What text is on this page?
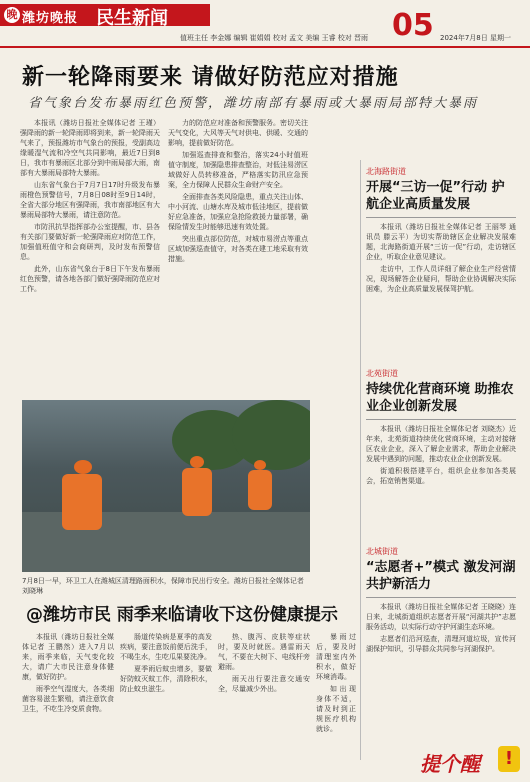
晚 潍坊晚报 民生新闻
值班主任 李金娜 编辑 崔娟娟 校对 孟文 美编 王睿 校对 晋雨 05 2024年7月8日 星期一
新一轮降雨要来 请做好防范应对措施
省气象台发布暴雨红色预警，潍坊南部有暴雨或大暴雨局部特大暴雨

本报讯（潍坊日报社全媒体记者 王瑾）强降雨的新一轮降雨即将到来，新一轮降雨天气来了，预报潍坊市气象台的预报，受副高边缘暖湿气流和冷空气共同影响，最近7日到8日，我市有暴雨区北部分到中雨局部大雨，南部有大暴雨局部特大暴雨。

山东省气象台于7月7日17时升级发布暴雨橙色预警信号，7月8日08时至9日14时，全省大部分地区有强降雨，我市南部地区有大暴雨局部特大暴雨，请注意防范。

市防汛抗旱指挥部办公室提醒，市、县各有关部门要做好新一轮强降雨应对防范工作，加强值班值守和会商研判，及时发布预警信息。

此外，山东省气象台于8日下午发布暴雨红色预警，请各地各部门做好强降雨防范应对工作。

力的防范应对准备和预警服务。密切关注天气变化，大风等天气对供电、供暖、交通的影响，提前做好防范。

加强巡查排查和整治，落实24小时值班值守制度，加强隐患排查整治，对低洼易涝区域做好人员转移准备，严格落实防汛应急预案，全力保障人民群众生命财产安全。

全面排查各类风险隐患，重点关注山体、中小河流、山塘水库及城市低洼地区，提前做好应急准备，加强应急抢险救援力量部署，确保险情发生时能够迅速有效处置。

突出重点部位防范，对城市易涝点等重点区域加强巡查值守，对各类在建工地采取有效措施。

7月8日一早，环卫工人在潍城区清理路面积水，保障市民出行安全。潍坊日报社全媒体记者 刘晓琳
@潍坊市民 雨季来临请收下这份健康提示

本报讯（潍坊日报社全媒体记者 王鹏然）进入7月以来，雨季来临，天气变化较大，请广大市民注意身体健康，做好防护。

雨季空气湿度大，各类细菌容易滋生繁殖，请注意饮食卫生，不吃生冷变质食物。

肠道传染病是夏季的高发疾病，要注意饭前便后洗手，不喝生水，生吃瓜果要洗净。

夏季雨后蚊虫增多，要做好防蚊灭蚊工作，清除积水，防止蚊虫滋生。

热、腹泻、皮肤等症状时，要及时就医。遇雷雨天气，不要在大树下、电线杆旁避雨。

雨天出行要注意交通安全，尽量减少外出。

暴雨过后，要及时清理室内外积水，做好环境消毒。

如出现身体不适，请及时到正规医疗机构就诊。

北海路街道
开展“三访一促”行动 护航企业高质量发展

本报讯（潍坊日报社全媒体记者 王丽琴 通讯员 滕云平）为切实帮助辖区企业解决发展难题，北海路街道开展“三访一促”行动，走访辖区企业，听取企业意见建议。

走访中，工作人员详细了解企业生产经营情况，现场解答企业疑问，帮助企业协调解决实际困难，为企业高质量发展保驾护航。

北苑街道
持续优化营商环境 助推农业企业创新发展

本报讯（潍坊日报社全媒体记者 刘晓杰）近年来，北苑街道持续优化营商环境，主动对接辖区农业企业，深入了解企业需求，帮助企业解决发展中遇到的问题，推动农业企业创新发展。

街道积极搭建平台，组织企业参加各类展会，拓宽销售渠道。

北城街道
“志愿者+”模式 激发河湖共护新活力

本报讯（潍坊日报社全媒体记者 王晓晓）连日来，北城街道组织志愿者开展“河湖共护”志愿服务活动，以实际行动守护河湖生态环境。

志愿者们沿河巡查，清理河道垃圾，宣传河湖保护知识，引导群众共同参与河湖保护。

提个醒	!
